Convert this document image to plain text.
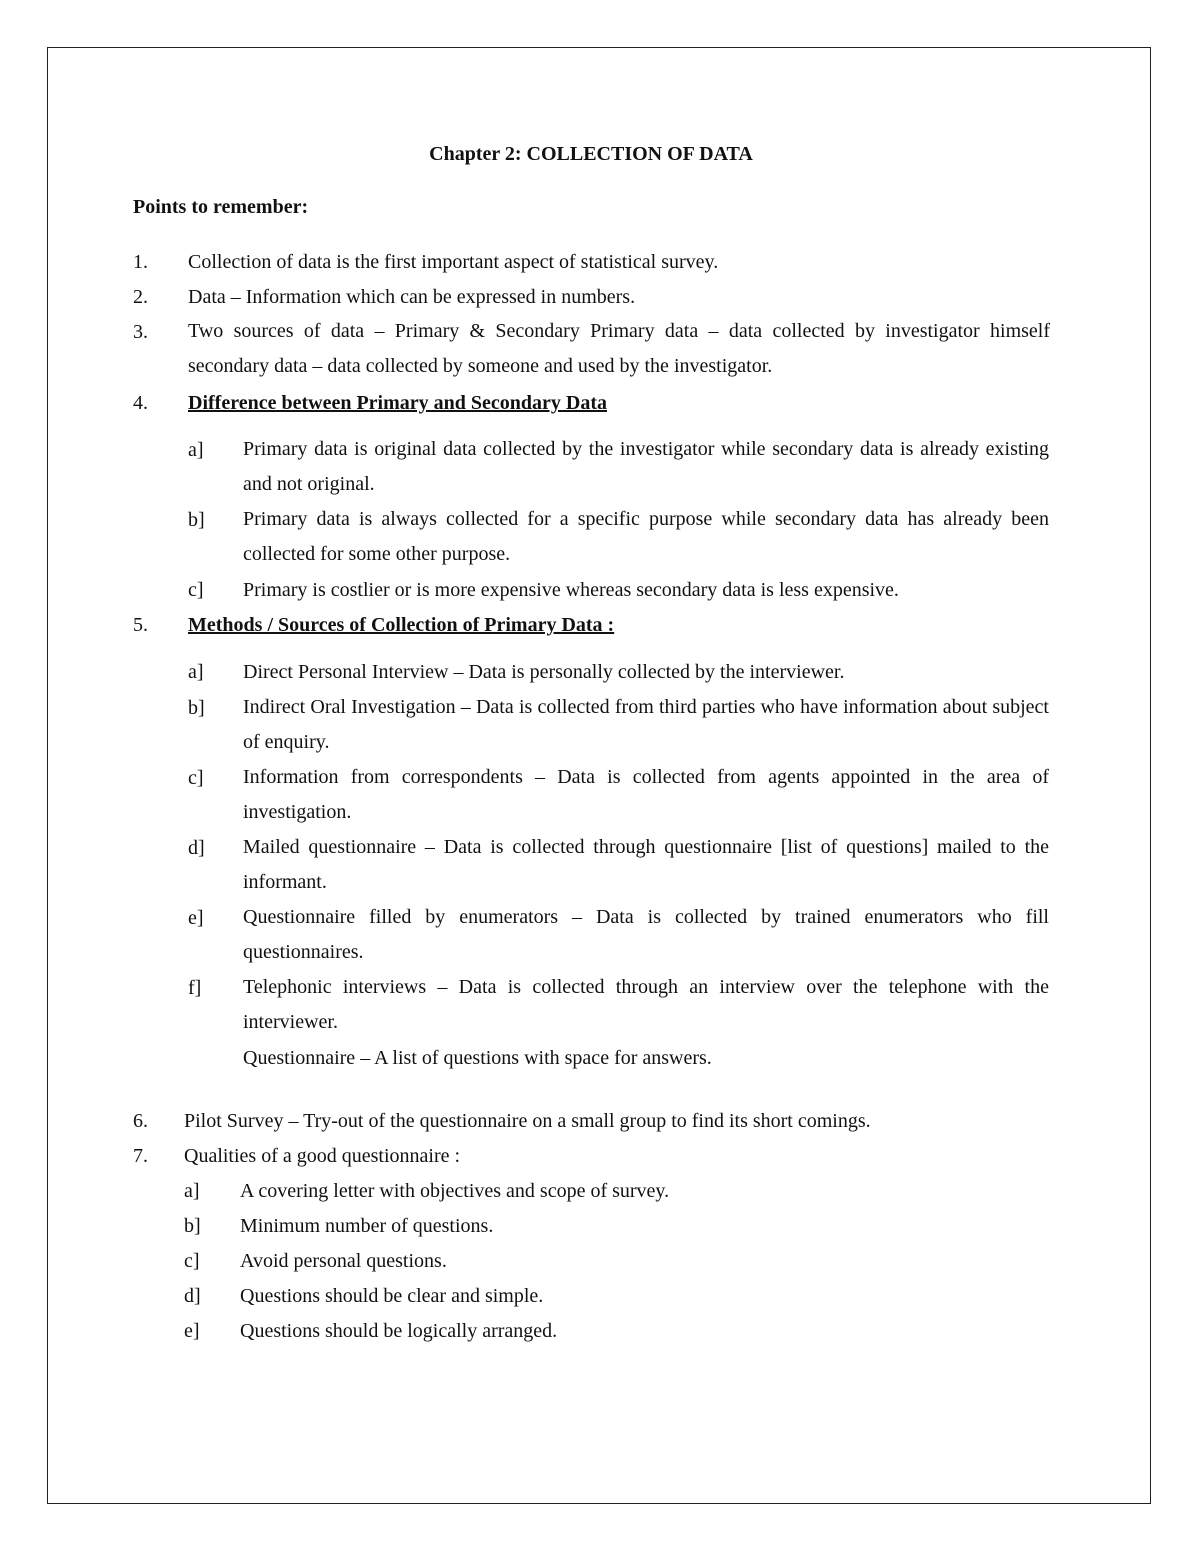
Chapter 2: COLLECTION OF DATA
Points to remember:
1. Collection of data is the first important aspect of statistical survey.
2. Data – Information which can be expressed in numbers.
3. Two sources of data – Primary & Secondary Primary data – data collected by investigator himself secondary data – data collected by someone and used by the investigator.
4. Difference between Primary and Secondary Data
a] Primary data is original data collected by the investigator while secondary data is already existing and not original.
b] Primary data is always collected for a specific purpose while secondary data has already been collected for some other purpose.
c] Primary is costlier or is more expensive whereas secondary data is less expensive.
5. Methods / Sources of Collection of Primary Data :
a] Direct Personal Interview – Data is personally collected by the interviewer.
b] Indirect Oral Investigation – Data is collected from third parties who have information about subject of enquiry.
c] Information from correspondents – Data is collected from agents appointed in the area of investigation.
d] Mailed questionnaire – Data is collected through questionnaire [list of questions] mailed to the informant.
e] Questionnaire filled by enumerators – Data is collected by trained enumerators who fill questionnaires.
f] Telephonic interviews – Data is collected through an interview over the telephone with the interviewer.
Questionnaire – A list of questions with space for answers.
6. Pilot Survey – Try-out of the questionnaire on a small group to find its short comings.
7. Qualities of a good questionnaire :
a] A covering letter with objectives and scope of survey.
b] Minimum number of questions.
c] Avoid personal questions.
d] Questions should be clear and simple.
e] Questions should be logically arranged.
